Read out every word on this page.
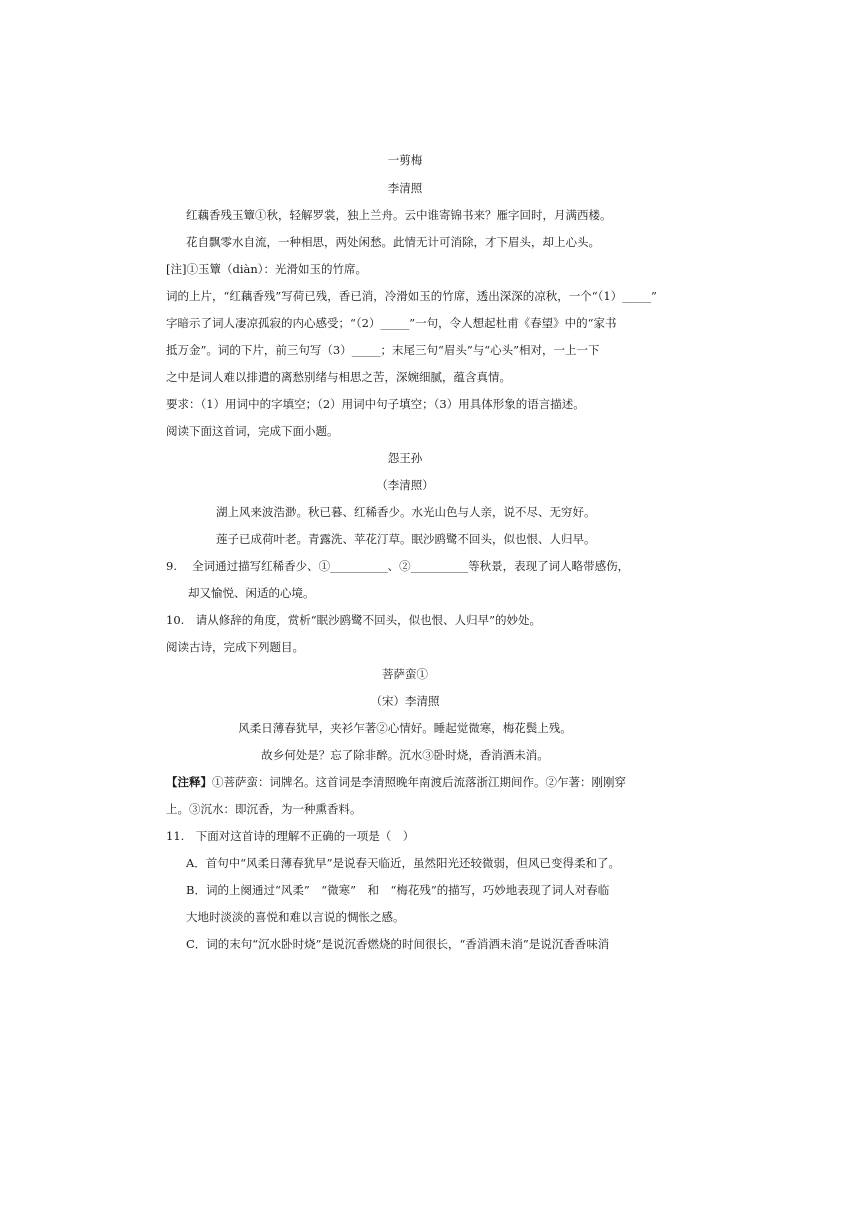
一剪梅
李清照
红藕香残玉簟①秋，轻解罗裳，独上兰舟。云中谁寄锦书来？雁字回时，月满西楼。
花自飘零水自流，一种相思，两处闲愁。此情无计可消除，才下眉头，却上心头。
[注]①玉簟（diàn）：光滑如玉的竹席。
词的上片，“红藕香残”写荷已残，香已消，冷滑如玉的竹席，透出深深的凉秋，一个“（1）_____”
字暗示了词人凄凉孤寂的内心感受；“（2）_____”一句，令人想起杜甫《春望》中的“家书
抵万金”。词的下片，前三句写（3）_____；末尾三句“眉头”与“心头”相对，一上一下
之中是词人难以排遣的离愁别绪与相思之苦，深婉细腻，蕴含真情。
要求：（1）用词中的字填空；（2）用词中句子填空；（3）用具体形象的语言描述。
阅读下面这首词，完成下面小题。
怨王孙
（李清照）
湖上风来波浩渺。秋已暮、红稀香少。水光山色与人亲，说不尽、无穷好。
莲子已成荷叶老。青露洗、苹花汀草。眠沙鸥鹭不回头，似也恨、人归早。
9.　 全词通过描写红稀香少、①__________、②__________等秋景，表现了词人略带感伤，
却又愉悦、闲适的心境。
10.　请从修辞的角度，赏析“眠沙鸥鹭不回头，似也恨、人归早”的妙处。
阅读古诗，完成下列题目。
菩萨蛮①
（宋）李清照
风柔日薄春犹早，夹衫乍著②心情好。睡起觉微寒，梅花鬓上残。
故乡何处是？忘了除非醉。沉水③卧时烧，香消酒未消。
【注释】①菩萨蛮：词牌名。这首词是李清照晚年南渡后流落浙江期间作。②乍著：刚刚穿
上。③沉水：即沉香，为一种熏香料。
11.　下面对这首诗的理解不正确的一项是（　）
A．首句中“风柔日薄春犹早”是说春天临近，虽然阳光还较微弱，但风已变得柔和了。
B．词的上阕通过“风柔”　“微寒”　和　“梅花残”的描写，巧妙地表现了词人对春临
大地时淡淡的喜悦和难以言说的惆怅之感。
C．词的末句“沉水卧时烧”是说沉香燃烧的时间很长，“香消酒未消”是说沉香香味消
